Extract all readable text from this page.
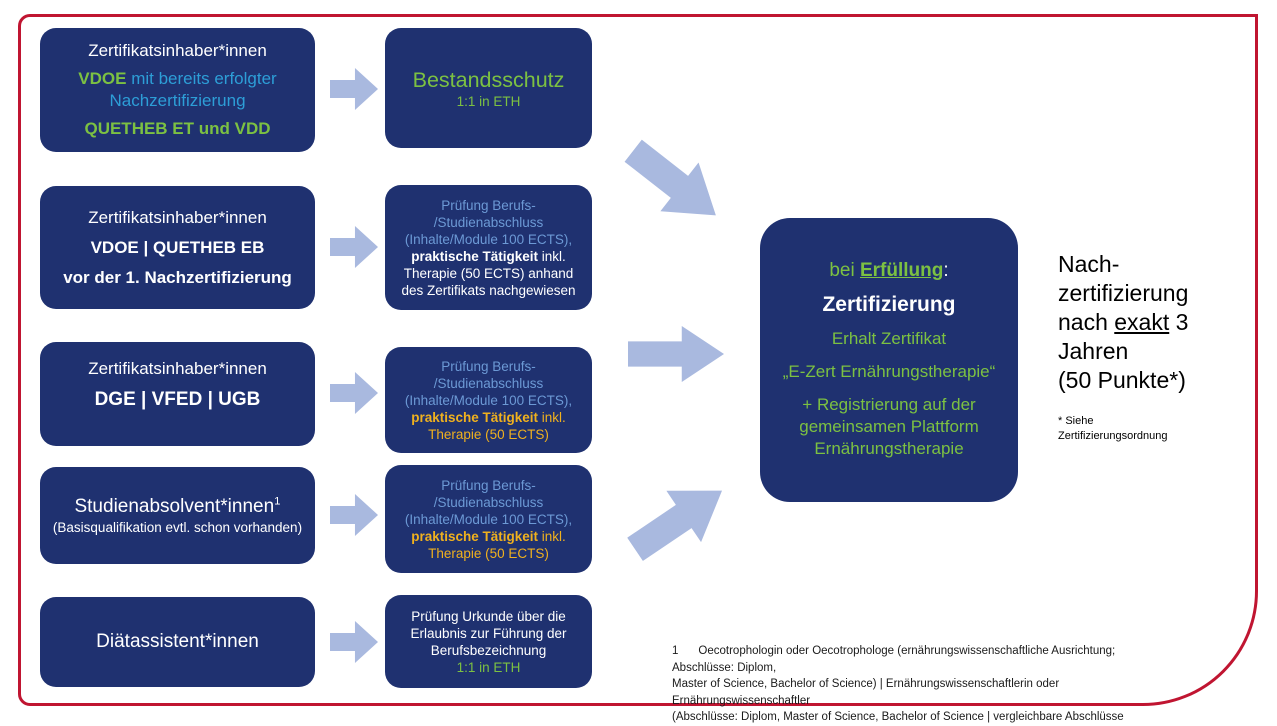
Zertifikatsinhaber*innen
VDOE mit bereits erfolgter Nachzertifizierung
QUETHEB ET und VDD
Bestandsschutz
1:1 in ETH
Zertifikatsinhaber*innen
VDOE | QUETHEB EB
vor der 1. Nachzertifizierung
Prüfung Berufs-
/Studienabschluss
(Inhalte/Module 100 ECTS),
praktische Tätigkeit inkl.
Therapie (50 ECTS) anhand
des Zertifikats nachgewiesen
Zertifikatsinhaber*innen
DGE | VFED | UGB
Prüfung Berufs-
/Studienabschluss
(Inhalte/Module 100 ECTS),
praktische Tätigkeit inkl.
Therapie (50 ECTS)
Studienabsolvent*innen$^1$
(Basisqualifikation evtl. schon vorhanden)
Prüfung Berufs-
/Studienabschluss
(Inhalte/Module 100 ECTS),
praktische Tätigkeit inkl.
Therapie (50 ECTS)
Diätassistent*innen
Prüfung Urkunde über die
Erlaubnis zur Führung der
Berufsbezeichnung
1:1 in ETH
bei Erfüllung:
Zertifizierung
Erhalt Zertifikat
„E-Zert Ernährungstherapie“
+ Registrierung auf der gemeinsamen Plattform Ernährungstherapie
Nach-
zertifizierung
nach exakt 3
Jahren
(50 Punkte*)
* Siehe
Zertifizierungsordnung
1 Oecotrophologin oder Oecotrophologe (ernährungswissenschaftliche Ausrichtung; Abschlüsse: Diplom,
Master of Science, Bachelor of Science) | Ernährungswissenschaftlerin oder Ernährungswissenschaftler
(Abschlüsse: Diplom, Master of Science, Bachelor of Science | vergleichbare Abschlüsse
